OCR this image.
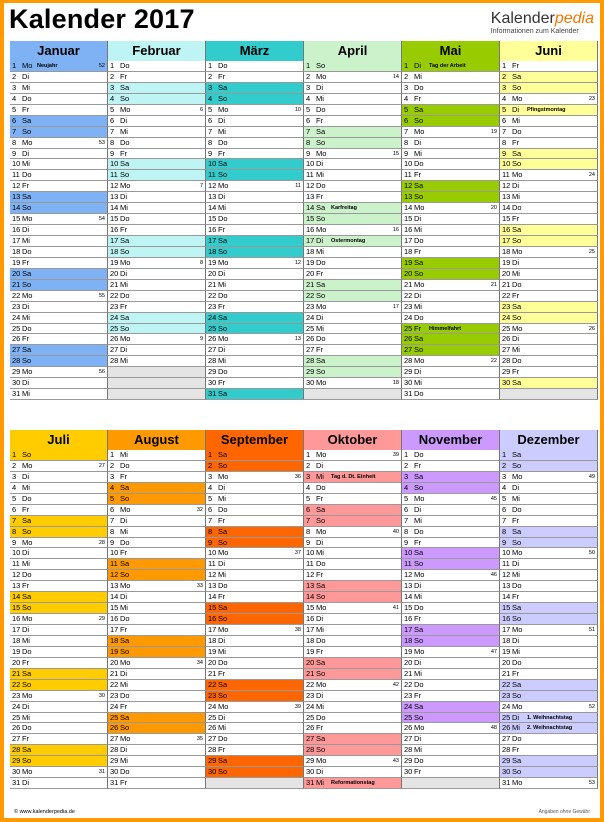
Kalender 2017	Kalenderpedia
Informationen zum Kalender
Januar
1 Mo Neujahr	52
2 Di
3 Mi
4 Do
5 Fr
6 Sa
7 So
8 Mo	53
9 Di
10 Mi
11 Do
12 Fr
13 Sa
14 So
15 Mo	54
16 Di
17 Mi
18 Do
19 Fr
20 Sa
21 So
22 Mo	55
23 Di
24 Mi
25 Do
26 Fr
27 Sa
28 So
29 Mo	56
30 Di
31 Mi
Februar
1 Do
2 Fr
3 Sa
4 So
5 Mo	6
6 Di
7 Mi
8 Do
9 Fr
10 Sa
11 So
12 Mo	7
13 Di
14 Mi
15 Do
16 Fr
17 Sa
18 So
19 Mo	8
20 Di
21 Mi
22 Do
23 Fr
24 Sa
25 So
26 Mo	9
27 Di
28 Mi
März
1 Do
2 Fr
3 Sa
4 So
5 Mo	10
6 Di
7 Mi
8 Do
9 Fr
10 Sa
11 So
12 Mo	11
13 Di
14 Mi
15 Do
16 Fr
17 Sa
18 So
19 Mo	12
20 Di
21 Mi
22 Do
23 Fr
24 Sa
25 So
26 Mo	13
27 Di
28 Mi
29 Do
30 Fr
31 Sa
April
1 So
2 Mo	14
3 Di
4 Mi
5 Do
6 Fr
7 Sa
8 So
9 Mo	15
10 Di
11 Mi
12 Do
13 Fr
14 Sa Karfreitag
15 So
16 Mo	16
17 Di Ostermontag
18 Mi
19 Do
20 Fr
21 Sa
22 So
23 Mo	17
24 Di
25 Mi
26 Do
27 Fr
28 Sa
29 So
30 Mo	18
Mai
1 Di Tag der Arbeit
2 Mi
3 Do
4 Fr
5 Sa
6 So
7 Mo	19
8 Di
9 Mi
10 Do
11 Fr
12 Sa
13 So
14 Mo	20
15 Di
16 Mi
17 Do
18 Fr
19 Sa
20 So
21 Mo	21
22 Di
23 Mi
24 Do
25 Fr Himmelfahrt
26 Sa
27 So
28 Mo	22
29 Di
30 Mi
31 Do
Juni
1 Fr
2 Sa
3 So
4 Mo	23
5 Di Pfingstmontag
6 Mi
7 Do
8 Fr
9 Sa
10 So
11 Mo	24
12 Di
13 Mi
14 Do
15 Fr
16 Sa
17 So
18 Mo	25
19 Di
20 Mi
21 Do
22 Fr
23 Sa
24 So
25 Mo	26
26 Di
27 Mi
28 Do
29 Fr
30 Sa
Juli
1 So
2 Mo	27
3 Di
4 Mi
5 Do
6 Fr
7 Sa
8 So
9 Mo	28
10 Di
11 Mi
12 Do
13 Fr
14 Sa
15 So
16 Mo	29
17 Di
18 Mi
19 Do
20 Fr
21 Sa
22 So
23 Mo	30
24 Di
25 Mi
26 Do
27 Fr
28 Sa
29 So
30 Mo	31
31 Di
August
1 Mi
2 Do
3 Fr
4 Sa
5 So
6 Mo	32
7 Di
8 Mi
9 Do
10 Fr
11 Sa
12 So
13 Mo	33
14 Di
15 Mi
16 Do
17 Fr
18 Sa
19 So
20 Mo	34
21 Di
22 Mi
23 Do
24 Fr
25 Sa
26 So
27 Mo	35
28 Di
29 Mi
30 Do
31 Fr
September
1 Sa
2 So
3 Mo	36
4 Di
5 Mi
6 Do
7 Fr
8 Sa
9 So
10 Mo	37
11 Di
12 Mi
13 Do
14 Fr
15 Sa
16 So
17 Mo	38
18 Di
19 Mi
20 Do
21 Fr
22 Sa
23 So
24 Mo	39
25 Di
26 Mi
27 Do
28 Fr
29 Sa
30 So
Oktober
1 Mo	39
2 Di
3 Mi Tag d. Dt. Einheit
4 Do
5 Fr
6 Sa
7 So
8 Mo	40
9 Di
10 Mi
11 Do
12 Fr
13 Sa
14 So
15 Mo	41
16 Di
17 Mi
18 Do
19 Fr
20 Sa
21 So
22 Mo	42
23 Di
24 Mi
25 Do
26 Fr
27 Sa
28 So
29 Mo	43
30 Di
31 Mi Reformationstag
November
1 Do
2 Fr
3 Sa
4 So
5 Mo	45
6 Di
7 Mi
8 Do
9 Fr
10 Sa
11 So
12 Mo	46
13 Di
14 Mi
15 Do
16 Fr
17 Sa
18 So
19 Mo	47
20 Di
21 Mi
22 Do
23 Fr
24 Sa
25 So
26 Mo	48
27 Di
28 Mi
29 Do
30 Fr
Dezember
1 Sa
2 So
3 Mo	49
4 Di
5 Mi
6 Do
7 Fr
8 Sa
9 So
10 Mo	50
11 Di
12 Mi
13 Do
14 Fr
15 Sa
16 So
17 Mo	51
18 Di
19 Mi
20 Do
21 Fr
22 Sa
23 So
24 Mo	52
25 Di 1. Weihnachtstag
26 Mi 2. Weihnachtstag
27 Do
28 Fr
29 Sa
30 So
31 Mo	53
© www.kalenderpedia.de	Angaben ohne Gewähr
